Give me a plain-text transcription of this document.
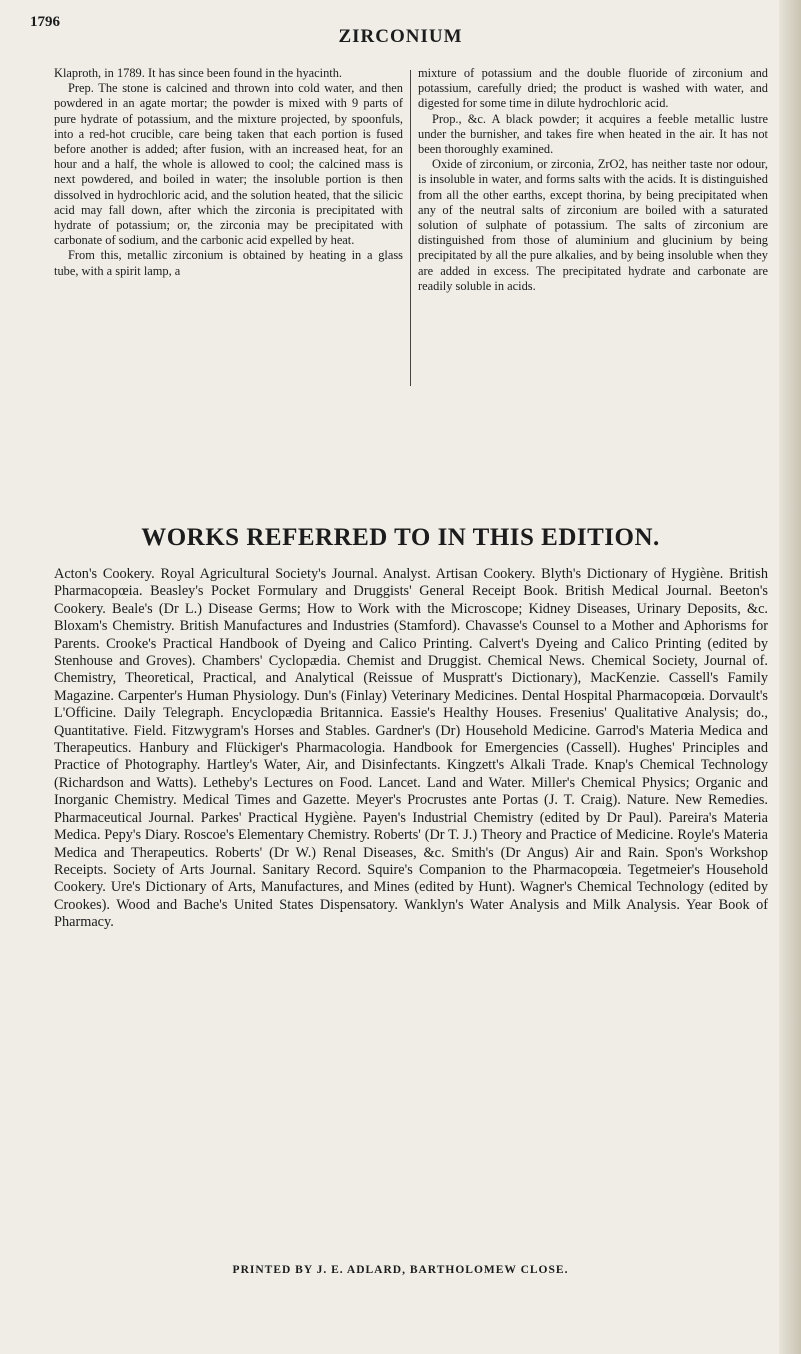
1796
ZIRCONIUM

Klaproth, in 1789. It has since been found in the hyacinth.

Prep. The stone is calcined and thrown into cold water, and then powdered in an agate mortar; the powder is mixed with 9 parts of pure hydrate of potassium, and the mixture projected, by spoonfuls, into a red-hot crucible, care being taken that each portion is fused before another is added; after fusion, with an increased heat, for an hour and a half, the whole is allowed to cool; the calcined mass is next powdered, and boiled in water; the insoluble portion is then dissolved in hydrochloric acid, and the solution heated, that the silicic acid may fall down, after which the zirconia is precipitated with hydrate of potassium; or, the zirconia may be precipitated with carbonate of sodium, and the carbonic acid expelled by heat.

From this, metallic zirconium is obtained by heating in a glass tube, with a spirit lamp, a

mixture of potassium and the double fluoride of zirconium and potassium, carefully dried; the product is washed with water, and digested for some time in dilute hydrochloric acid.

Prop., &c. A black powder; it acquires a feeble metallic lustre under the burnisher, and takes fire when heated in the air. It has not been thoroughly examined.

Oxide of zirconium, or zirconia, ZrO2, has neither taste nor odour, is insoluble in water, and forms salts with the acids. It is distinguished from all the other earths, except thorina, by being precipitated when any of the neutral salts of zirconium are boiled with a saturated solution of sulphate of potassium. The salts of zirconium are distinguished from those of aluminium and glucinium by being precipitated by all the pure alkalies, and by being insoluble when they are added in excess. The precipitated hydrate and carbonate are readily soluble in acids.

WORKS REFERRED TO IN THIS EDITION.
Acton's Cookery. Royal Agricultural Society's Journal. Analyst. Artisan Cookery. Blyth's Dictionary of Hygiène. British Pharmacopœia. Beasley's Pocket Formulary and Druggists' General Receipt Book. British Medical Journal. Beeton's Cookery. Beale's (Dr L.) Disease Germs; How to Work with the Microscope; Kidney Diseases, Urinary Deposits, &c. Bloxam's Chemistry. British Manufactures and Industries (Stamford). Chavasse's Counsel to a Mother and Aphorisms for Parents. Crooke's Practical Handbook of Dyeing and Calico Printing. Calvert's Dyeing and Calico Printing (edited by Stenhouse and Groves). Chambers' Cyclopædia. Chemist and Druggist. Chemical News. Chemical Society, Journal of. Chemistry, Theoretical, Practical, and Analytical (Reissue of Muspratt's Dictionary), MacKenzie. Cassell's Family Magazine. Carpenter's Human Physiology. Dun's (Finlay) Veterinary Medicines. Dental Hospital Pharmacopœia. Dorvault's L'Officine. Daily Telegraph. Encyclopædia Britannica. Eassie's Healthy Houses. Fresenius' Qualitative Analysis; do., Quantitative. Field. Fitzwygram's Horses and Stables. Gardner's (Dr) Household Medicine. Garrod's Materia Medica and Therapeutics. Hanbury and Flückiger's Pharmacologia. Handbook for Emergencies (Cassell). Hughes' Principles and Practice of Photography. Hartley's Water, Air, and Disinfectants. Kingzett's Alkali Trade. Knap's Chemical Technology (Richardson and Watts). Letheby's Lectures on Food. Lancet. Land and Water. Miller's Chemical Physics; Organic and Inorganic Chemistry. Medical Times and Gazette. Meyer's Procrustes ante Portas (J. T. Craig). Nature. New Remedies. Pharmaceutical Journal. Parkes' Practical Hygiène. Payen's Industrial Chemistry (edited by Dr Paul). Pareira's Materia Medica. Pepy's Diary. Roscoe's Elementary Chemistry. Roberts' (Dr T. J.) Theory and Practice of Medicine. Royle's Materia Medica and Therapeutics. Roberts' (Dr W.) Renal Diseases, &c. Smith's (Dr Angus) Air and Rain. Spon's Workshop Receipts. Society of Arts Journal. Sanitary Record. Squire's Companion to the Pharmacopœia. Tegetmeier's Household Cookery. Ure's Dictionary of Arts, Manufactures, and Mines (edited by Hunt). Wagner's Chemical Technology (edited by Crookes). Wood and Bache's United States Dispensatory. Wanklyn's Water Analysis and Milk Analysis. Year Book of Pharmacy.
PRINTED BY J. E. ADLARD, BARTHOLOMEW CLOSE.
